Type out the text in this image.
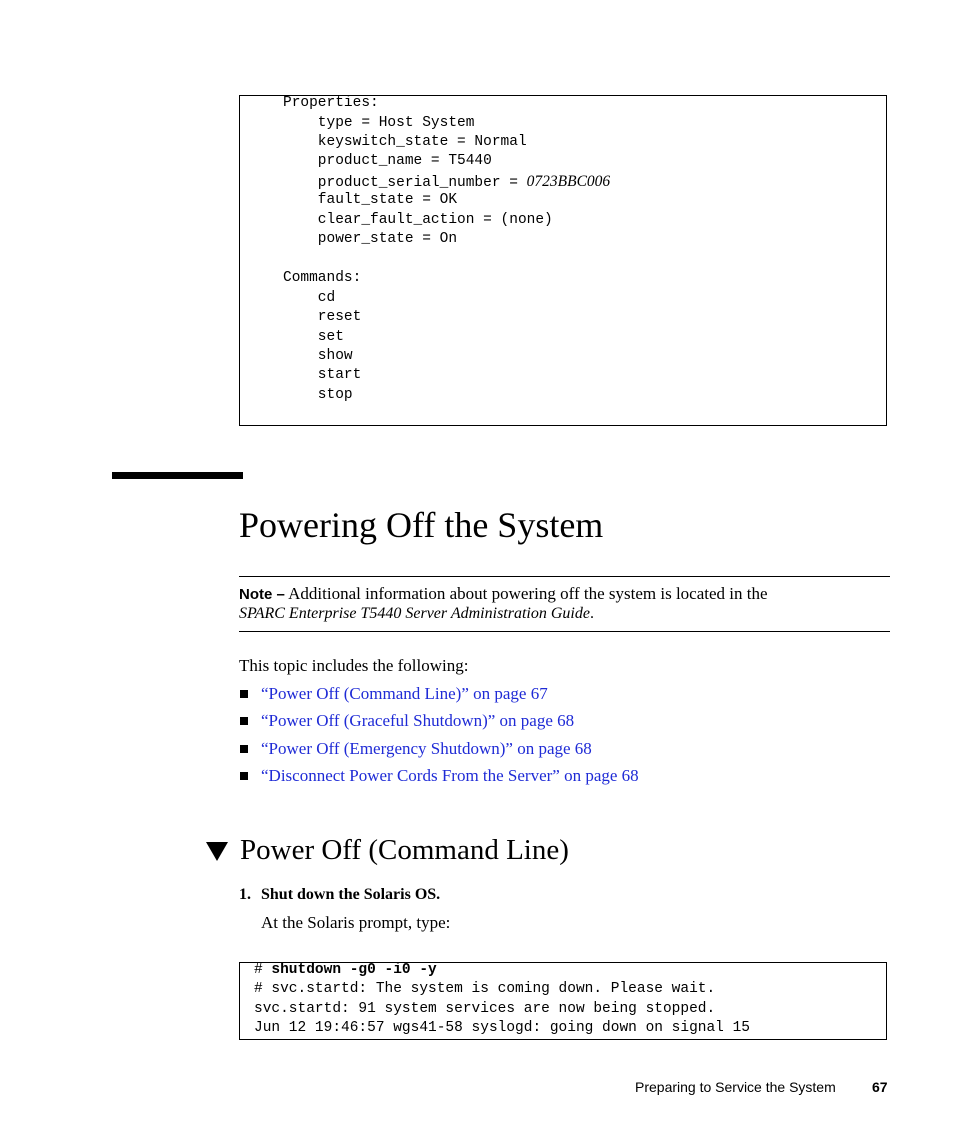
Properties:
type = Host System
keyswitch_state = Normal
product_name = T5440
product_serial_number = 0723BBC006
fault_state = OK
clear_fault_action = (none)
power_state = On
Commands:
cd
reset
set
show
start
stop
Powering Off the System
Note – Additional information about powering off the system is located in the
SPARC Enterprise T5440 Server Administration Guide.
This topic includes the following:
“Power Off (Command Line)” on page 67
“Power Off (Graceful Shutdown)” on page 68
“Power Off (Emergency Shutdown)” on page 68
“Disconnect Power Cords From the Server” on page 68
Power Off (Command Line)
1. Shut down the Solaris OS.
At the Solaris prompt, type:
# shutdown -g0 -i0 -y
# svc.startd: The system is coming down. Please wait.
svc.startd: 91 system services are now being stopped.
Jun 12 19:46:57 wgs41-58 syslogd: going down on signal 15
Preparing to Service the System	67
